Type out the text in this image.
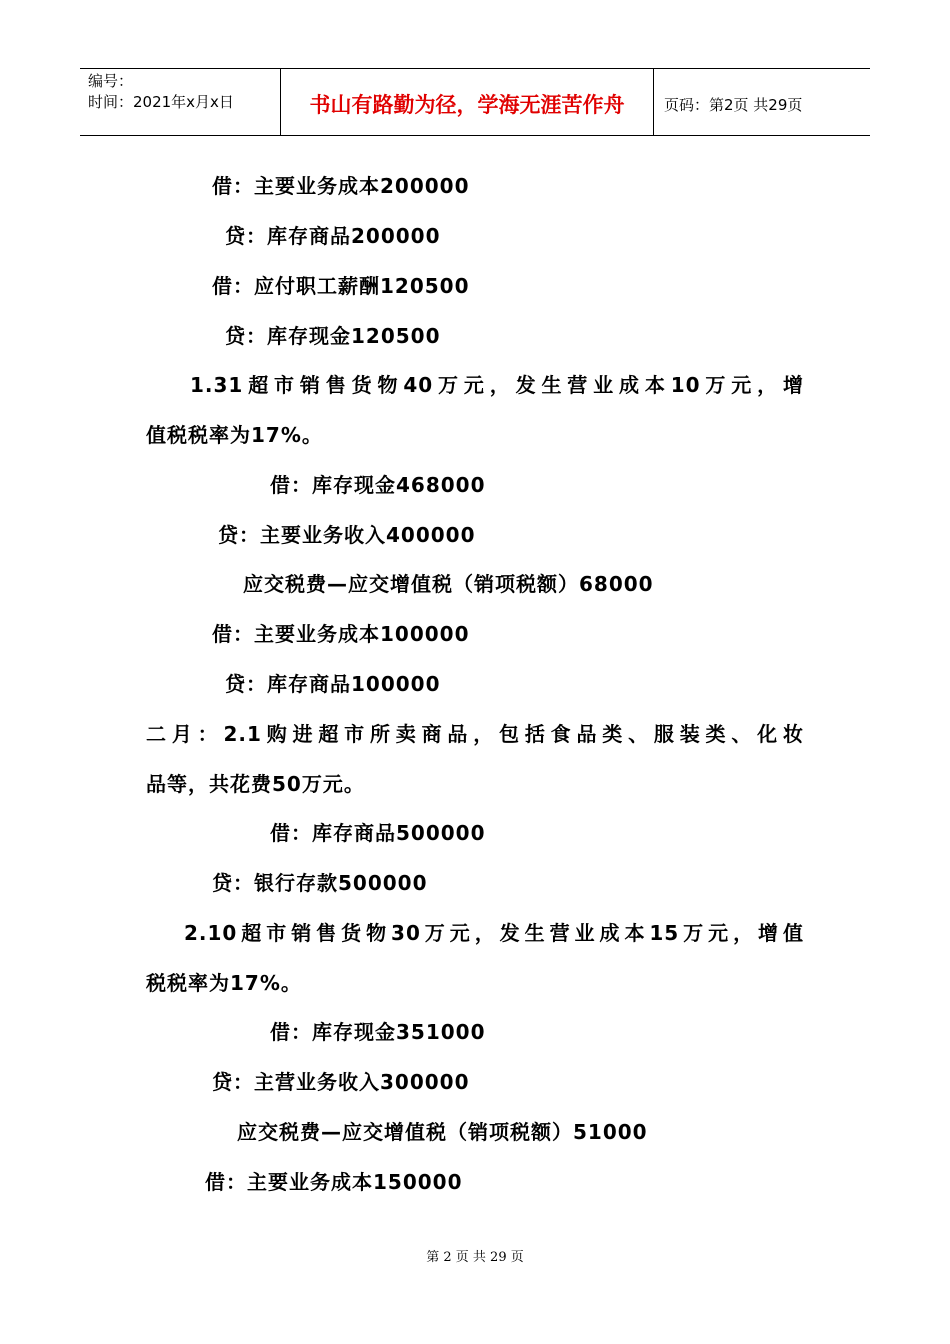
编号：
时间：2021年x月x日	书山有路勤为径，学海无涯苦作舟	页码：第2页 共29页
借：主要业务成本200000
贷：库存商品200000
借：应付职工薪酬120500
贷：库存现金120500
1.31超市销售货物40万元，发生营业成本10万元，增
值税税率为17%。
借：库存现金468000
贷：主要业务收入400000
应交税费—应交增值税（销项税额）68000
借：主要业务成本100000
贷：库存商品100000
二月：2.1购进超市所卖商品，包括食品类、服装类、化妆
品等，共花费50万元。
借：库存商品500000
贷：银行存款500000
2.10超市销售货物30万元，发生营业成本15万元，增值
税税率为17%。
借：库存现金351000
贷：主营业务收入300000
应交税费—应交增值税（销项税额）51000
借：主要业务成本150000
第 2 页 共 29 页
